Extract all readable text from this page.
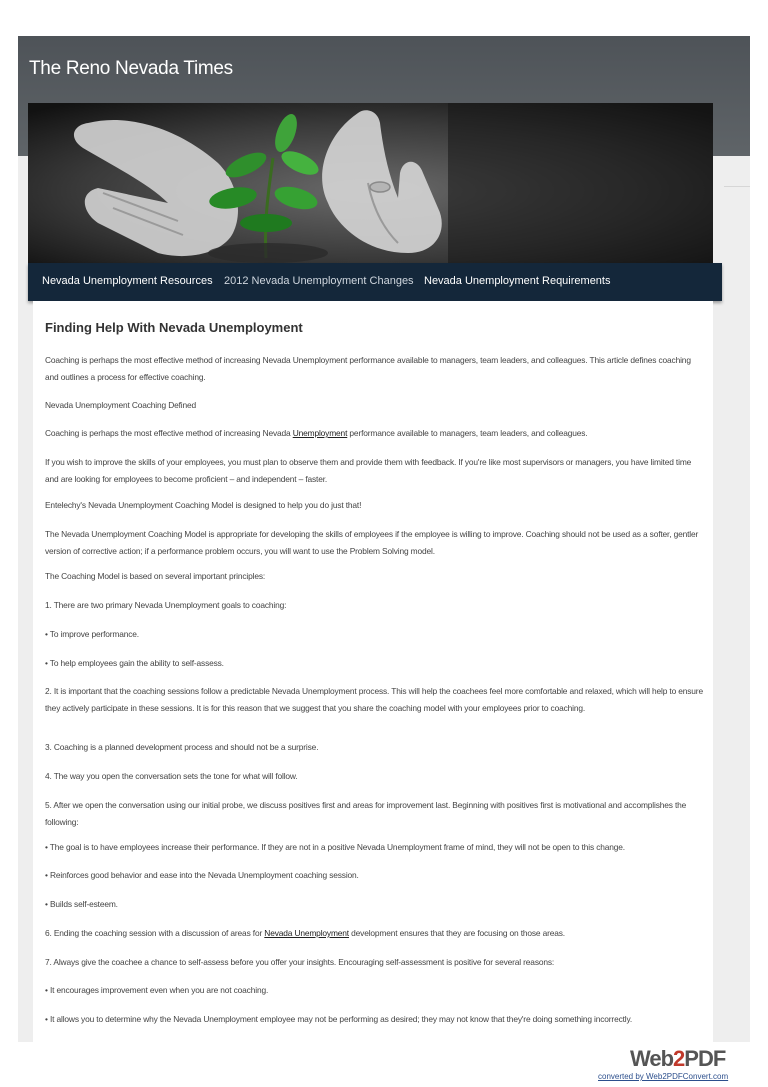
The Reno Nevada Times
Nevada Unemployment Resources 2012 Nevada Unemployment Changes Nevada Unemployment Requirements
Finding Help With Nevada Unemployment

Coaching is perhaps the most effective method of increasing Nevada Unemployment performance available to managers, team leaders, and colleagues. This article defines coaching and outlines a process for effective coaching.

Nevada Unemployment Coaching Defined

Coaching is perhaps the most effective method of increasing Nevada Unemployment performance available to managers, team leaders, and colleagues.

If you wish to improve the skills of your employees, you must plan to observe them and provide them with feedback. If you're like most supervisors or managers, you have limited time and are looking for employees to become proficient – and independent – faster.

Entelechy's Nevada Unemployment Coaching Model is designed to help you do just that!

The Nevada Unemployment Coaching Model is appropriate for developing the skills of employees if the employee is willing to improve. Coaching should not be used as a softer, gentler version of corrective action; if a performance problem occurs, you will want to use the Problem Solving model.

The Coaching Model is based on several important principles:

1. There are two primary Nevada Unemployment goals to coaching:

• To improve performance.

• To help employees gain the ability to self-assess.

2. It is important that the coaching sessions follow a predictable Nevada Unemployment process. This will help the coachees feel more comfortable and relaxed, which will help to ensure they actively participate in these sessions. It is for this reason that we suggest that you share the coaching model with your employees prior to coaching.

3. Coaching is a planned development process and should not be a surprise.

4. The way you open the conversation sets the tone for what will follow.

5. After we open the conversation using our initial probe, we discuss positives first and areas for improvement last. Beginning with positives first is motivational and accomplishes the following:

• The goal is to have employees increase their performance. If they are not in a positive Nevada Unemployment frame of mind, they will not be open to this change.

• Reinforces good behavior and ease into the Nevada Unemployment coaching session.

• Builds self-esteem.

6. Ending the coaching session with a discussion of areas for Nevada Unemployment development ensures that they are focusing on those areas.

7. Always give the coachee a chance to self-assess before you offer your insights. Encouraging self-assessment is positive for several reasons:

• It encourages improvement even when you are not coaching.

• It allows you to determine why the Nevada Unemployment employee may not be performing as desired; they may not know that they're doing something incorrectly.

Web2PDF
converted by Web2PDFConvert.com
